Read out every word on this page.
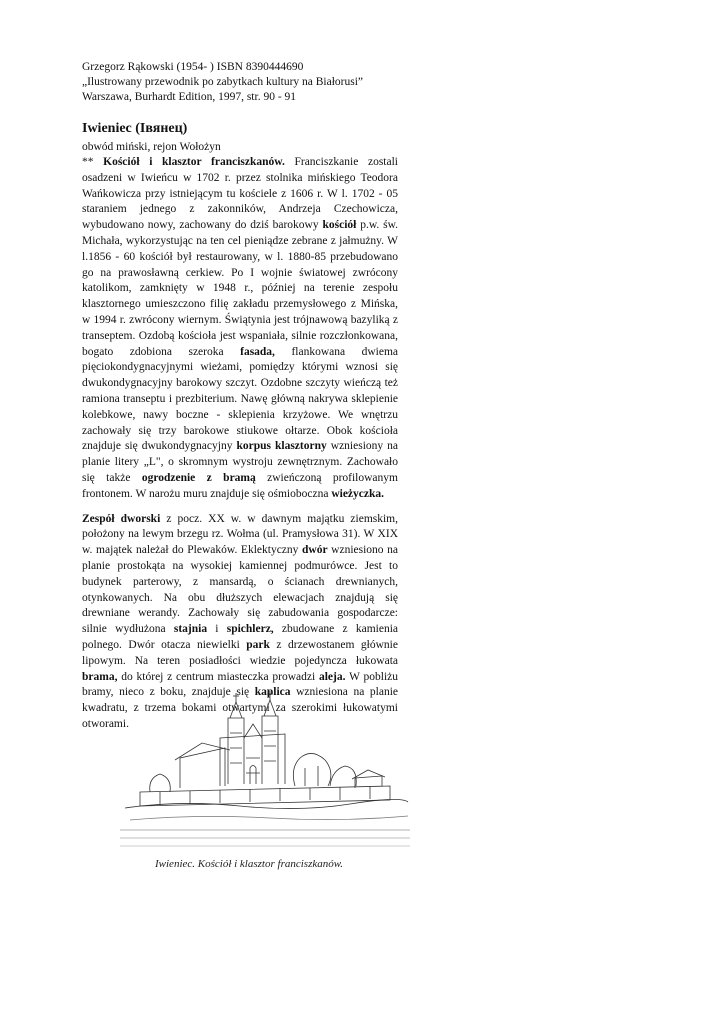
Grzegorz Rąkowski (1954- ) ISBN 8390444690
„Ilustrowany przewodnik po zabytkach kultury na Białorusi”
Warszawa, Burhardt Edition, 1997, str. 90 - 91
Iwieniec (Івянец)
obwód miński, rejon Wołożyn

** Kościół i klasztor franciszkanów. Franciszkanie zostali osadzeni w Iwieńcu w 1702 r. przez stolnika mińskiego Teodora Wańkowicza przy istniejącym tu kościele z 1606 r. W l. 1702 - 05 staraniem jednego z zakonników, Andrzeja Czechowicza, wybudowano nowy, zachowany do dziś barokowy kościół p.w. św. Michała, wykorzystując na ten cel pieniądze zebrane z jałmużny. W l.1856 - 60 kościół był restaurowany, w l. 1880-85 przebudowano go na prawosławną cerkiew. Po I wojnie światowej zwrócony katolikom, zamknięty w 1948 r., później na terenie zespołu klasztornego umieszczono filię zakładu przemysłowego z Mińska, w 1994 r. zwrócony wiernym. Świątynia jest trójnawową bazyliką z transeptem. Ozdobą kościoła jest wspaniała, silnie rozczłonkowana, bogato zdobiona szeroka fasada, flankowana dwiema pięciokondygnacyjnymi wieżami, pomiędzy którymi wznosi się dwukondygnacyjny barokowy szczyt. Ozdobne szczyty wieńczą też ramiona transeptu i prezbiterium. Nawę główną nakrywa sklepienie kolebkowe, nawy boczne - sklepienia krzyżowe. We wnętrzu zachowały się trzy barokowe stiukowe ołtarze. Obok kościoła znajduje się dwukondygnacyjny korpus klasztorny wzniesiony na planie litery „L", o skromnym wystroju zewnętrznym. Zachowało się także ogrodzenie z bramą zwieńczoną profilowanym frontonem. W narożu muru znajduje się ośmioboczna wieżyczka.

Zespół dworski z pocz. XX w. w dawnym majątku ziemskim, położony na lewym brzegu rz. Wołma (ul. Pramysłowa 31). W XIX w. majątek należał do Plewaków. Eklektyczny dwór wzniesiono na planie prostokąta na wysokiej kamiennej podmurówce. Jest to budynek parterowy, z mansardą, o ścianach drewnianych, otynkowanych. Na obu dłuższych elewacjach znajdują się drewniane werandy. Zachowały się zabudowania gospodarcze: silnie wydłużona stajnia i spichlerz, zbudowane z kamienia polnego. Dwór otacza niewielki park z drzewostanem głównie lipowym. Na teren posiadłości wiedzie pojedyncza łukowata brama, do której z centrum miasteczka prowadzi aleja. W pobliżu bramy, nieco z boku, znajduje się kaplica wzniesiona na planie kwadratu, z trzema bokami otwartymi za szerokimi łukowatymi otworami.

Iwieniec. Kościół i klasztor franciszkanów.
